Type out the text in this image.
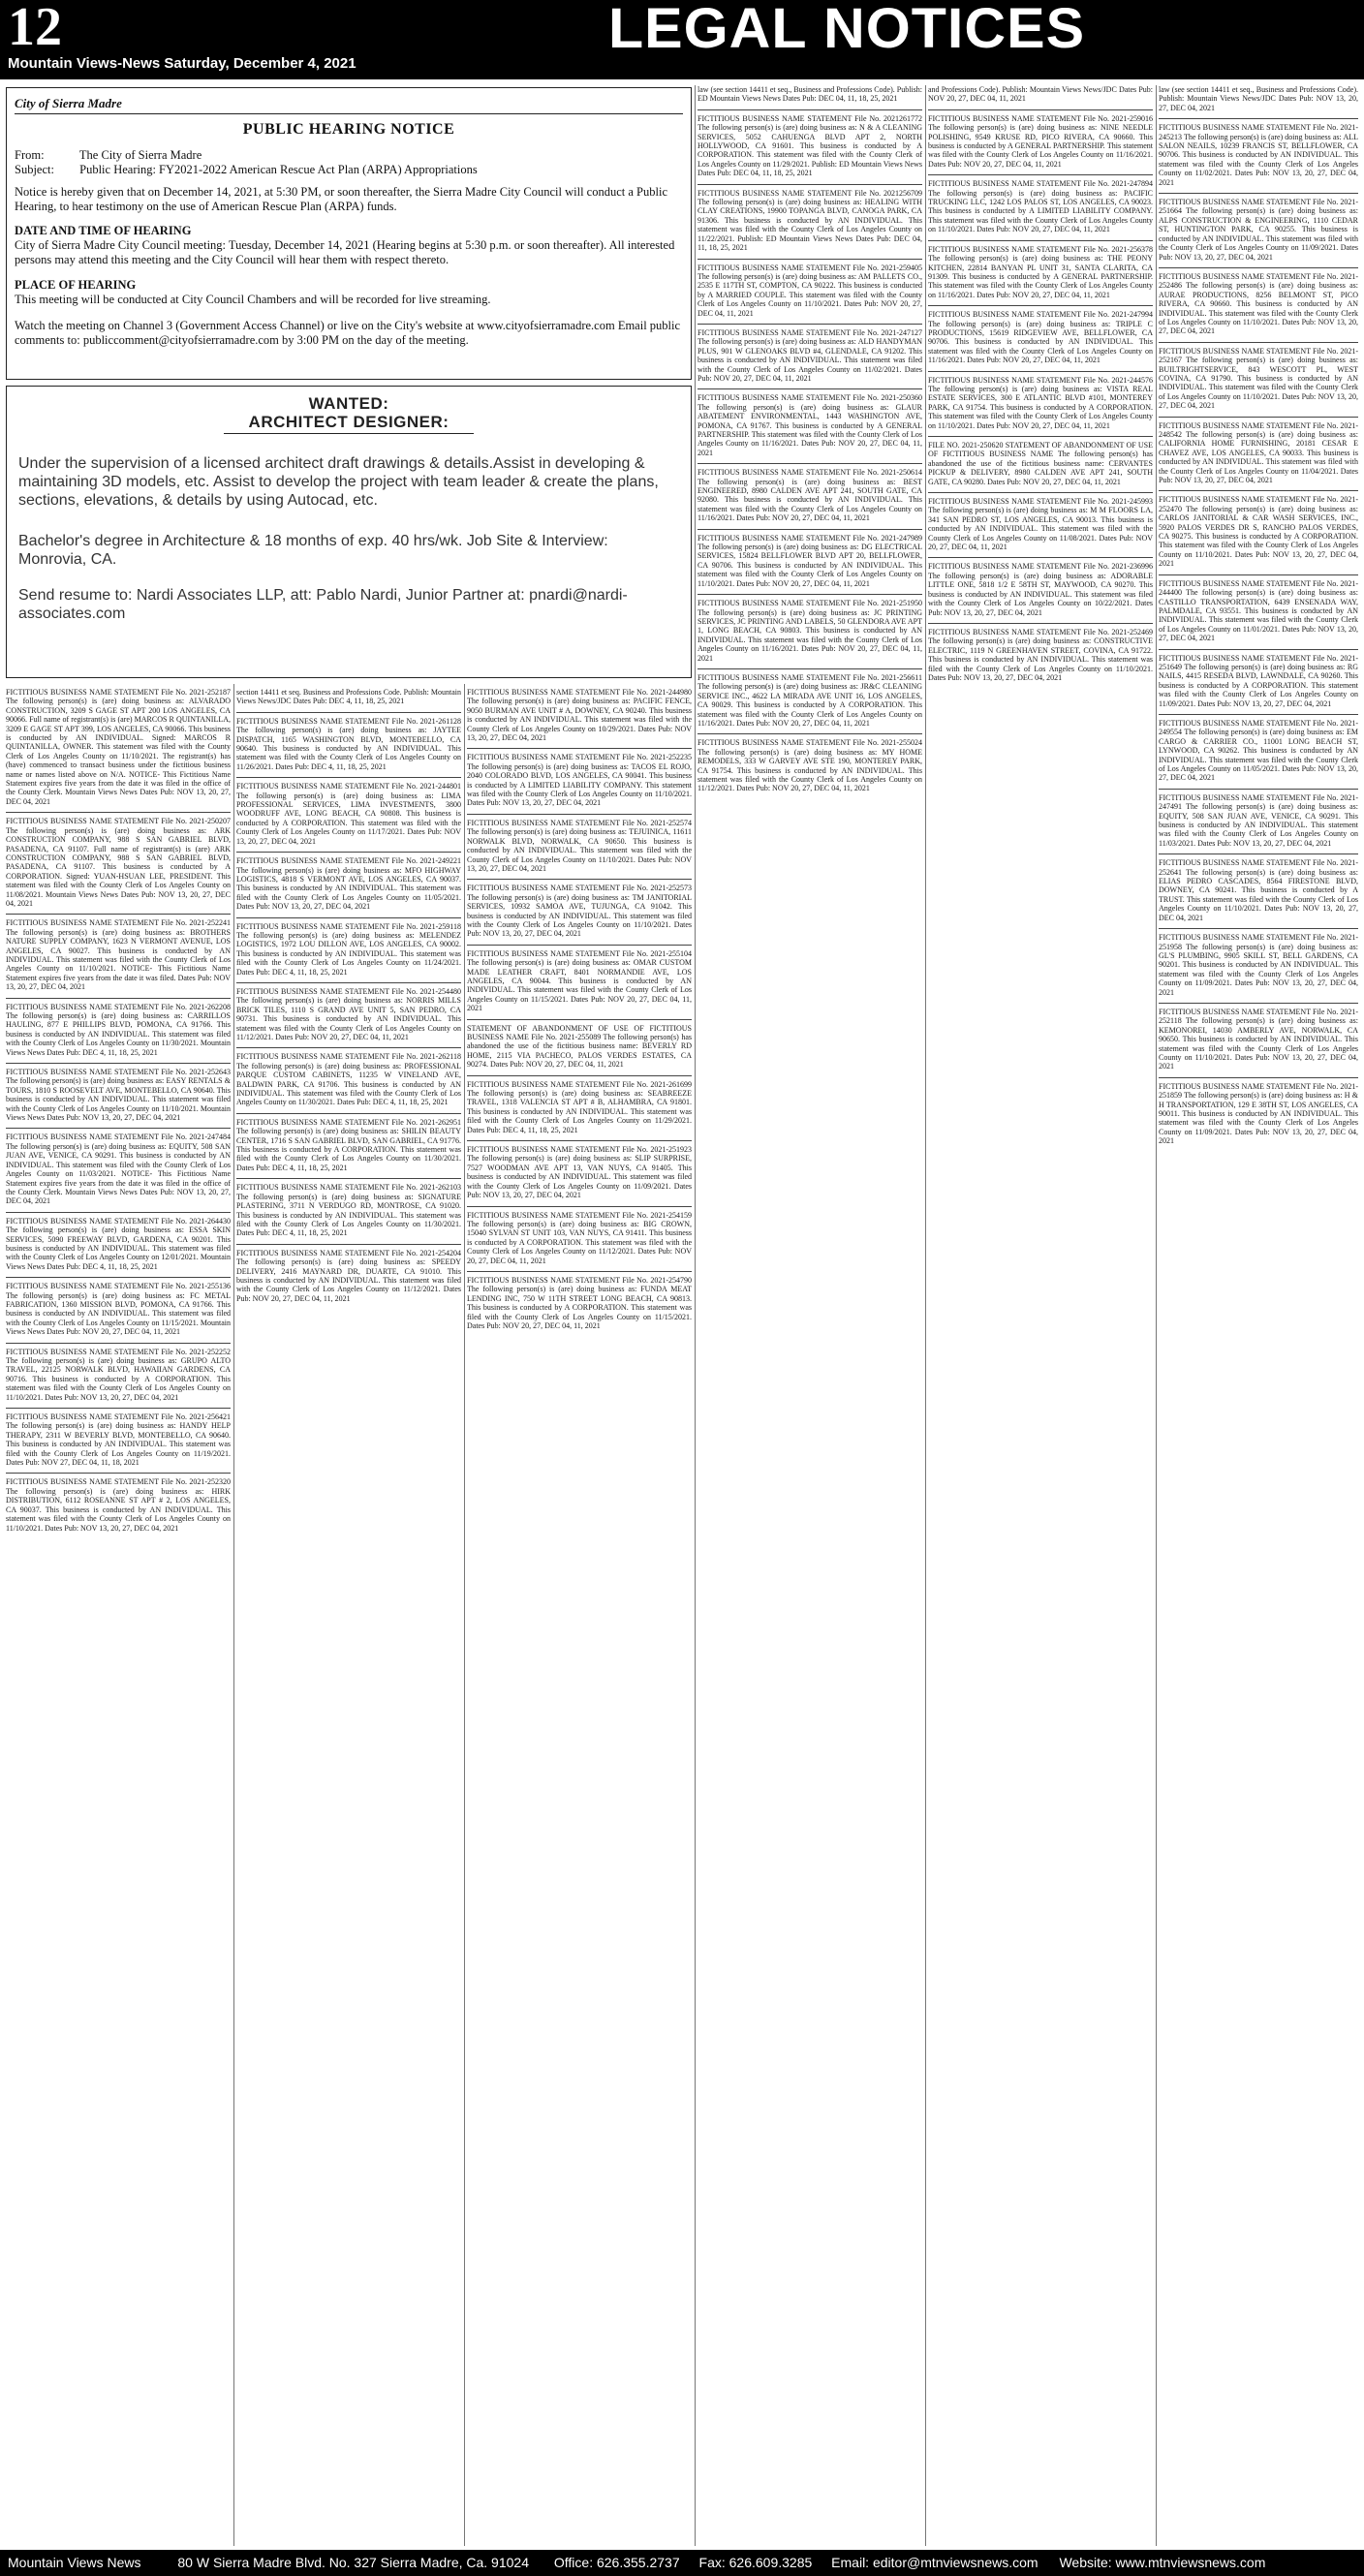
12	LEGAL NOTICES
Mountain Views-News Saturday, December 4, 2021
City of Sierra Madre
PUBLIC HEARING NOTICE
From:	The City of Sierra Madre
Subject: Public Hearing: FY2021-2022 American Rescue Act Plan (ARPA) Appropriations
Notice is hereby given that on December 14, 2021, at 5:30 PM, or soon thereafter, the Sierra Madre City Council will conduct a Public Hearing, to hear testimony on the use of American Rescue Plan (ARPA) funds.
DATE AND TIME OF HEARING
City of Sierra Madre City Council meeting: Tuesday, December 14, 2021 (Hearing begins at 5:30 p.m. or soon thereafter). All interested persons may attend this meeting and the City Council will hear them with respect thereto.
PLACE OF HEARING
This meeting will be conducted at City Council Chambers and will be recorded for live streaming.
Watch the meeting on Channel 3 (Government Access Channel) or live on the City's website at www.cityofsierramadre.com Email public comments to: publiccomment@cityofsierramadre.com by 3:00 PM on the day of the meeting.
WANTED:
ARCHITECT DESIGNER:
Under the supervision of a licensed architect draft drawings & details.Assist in developing & maintaining 3D models, etc. Assist to develop the project with team leader & create the plans, sections, elevations, & details by using Autocad, etc.
Bachelor's degree in Architecture & 18 months of exp. 40 hrs/wk. Job Site & Interview: Monrovia, CA.
Send resume to: Nardi Associates LLP, att: Pablo Nardi, Junior Partner at: pnardi@nardi-associates.com
FICTITIOUS BUSINESS NAME STATEMENT File No. 2021-252187 The following person(s) is (are) doing business as: ALVARADO CONSTRUCTION, 3209 S GAGE ST APT 200 LOS ANGELES, CA 90066. Full name of registrant(s) is (are) MARCOS R QUINTANILLA, 3209 E GAGE ST APT 399, LOS ANGELES, CA 90066. This business is conducted by AN INDIVIDUAL. Signed: MARCOS R QUINTANILLA, OWNER. This statement was filed with the County Clerk of Los Angeles County on 11/10/2021. The registrant(s) has (have) commenced to transact business under the fictitious business name or names listed above on N/A. NOTICE- This Fictitious Name Statement expires five years from the date it was filed in the office of the County Clerk. Mountain Views News Dates Pub: NOV 13, 20, 27, DEC 04, 2021
FICTITIOUS BUSINESS NAME STATEMENT File No. 2021-250207 The following person(s) is (are) doing business as: ARK CONSTRUCTION COMPANY, 988 S SAN GABRIEL BLVD, PASADENA, CA 91107. Full name of registrant(s) is (are) ARK CONSTRUCTION COMPANY, 988 S SAN GABRIEL BLVD, PASADENA, CA 91107. This business is conducted by A CORPORATION. Signed: YUAN-HSUAN LEE, PRESIDENT. This statement was filed with the County Clerk of Los Angeles County on 11/08/2021. Mountain Views News Dates Pub: NOV 13, 20, 27, DEC 04, 2021
FICTITIOUS BUSINESS NAME STATEMENT File No. 2021-252241 The following person(s) is (are) doing business as: BROTHERS NATURE SUPPLY COMPANY, 1623 N VERMONT AVENUE, LOS ANGELES, CA 90027. This business is conducted by AN INDIVIDUAL. This statement was filed with the County Clerk of Los Angeles County on 11/10/2021. NOTICE- This Fictitious Name Statement expires five years from the date it was filed. Dates Pub: NOV 13, 20, 27, DEC 04, 2021
FICTITIOUS BUSINESS NAME STATEMENT File No. 2021-262208 The following person(s) is (are) doing business as: CARRILLOS HAULING, 877 E PHILLIPS BLVD, POMONA, CA 91766. This business is conducted by AN INDIVIDUAL. This statement was filed with the County Clerk of Los Angeles County on 11/30/2021. Mountain Views News Dates Pub: DEC 4, 11, 18, 25, 2021
FICTITIOUS BUSINESS NAME STATEMENT File No. 2021-252643 The following person(s) is (are) doing business as: EASY RENTALS & TOURS, 1810 S ROOSEVELT AVE, MONTEBELLO, CA 90640. This business is conducted by AN INDIVIDUAL. This statement was filed with the County Clerk of Los Angeles County on 11/10/2021. Mountain Views News Dates Pub: NOV 13, 20, 27, DEC 04, 2021
FICTITIOUS BUSINESS NAME STATEMENT File No. 2021-247484 The following person(s) is (are) doing business as: EQUITY, 508 SAN JUAN AVE, VENICE, CA 90291. This business is conducted by AN INDIVIDUAL. This statement was filed with the County Clerk of Los Angeles County on 11/03/2021. NOTICE- This Fictitious Name Statement expires five years from the date it was filed in the office of the County Clerk. Mountain Views News Dates Pub: NOV 13, 20, 27, DEC 04, 2021
FICTITIOUS BUSINESS NAME STATEMENT File No. 2021-264430 The following person(s) is (are) doing business as: ESSA SKIN SERVICES, 5090 FREEWAY BLVD, GARDENA, CA 90201. This business is conducted by AN INDIVIDUAL. This statement was filed with the County Clerk of Los Angeles County on 12/01/2021. Mountain Views News Dates Pub: DEC 4, 11, 18, 25, 2021
FICTITIOUS BUSINESS NAME STATEMENT File No. 2021-255136 The following person(s) is (are) doing business as: FC METAL FABRICATION, 1360 MISSION BLVD, POMONA, CA 91766. This business is conducted by AN INDIVIDUAL. This statement was filed with the County Clerk of Los Angeles County on 11/15/2021. Mountain Views News Dates Pub: NOV 20, 27, DEC 04, 11, 2021
FICTITIOUS BUSINESS NAME STATEMENT File No. 2021-252252 The following person(s) is (are) doing business as: GRUPO ALTO TRAVEL, 22125 NORWALK BLVD, HAWAIIAN GARDENS, CA 90716. This business is conducted by A CORPORATION. This statement was filed with the County Clerk of Los Angeles County on 11/10/2021. Dates Pub: NOV 13, 20, 27, DEC 04, 2021
FICTITIOUS BUSINESS NAME STATEMENT File No. 2021-256421 The following person(s) is (are) doing business as: HANDY HELP THERAPY, 2311 W BEVERLY BLVD, MONTEBELLO, CA 90640. This business is conducted by AN INDIVIDUAL. This statement was filed with the County Clerk of Los Angeles County on 11/19/2021. Dates Pub: NOV 27, DEC 04, 11, 18, 2021
FICTITIOUS BUSINESS NAME STATEMENT File No. 2021-252320 The following person(s) is (are) doing business as: HIRK DISTRIBUTION, 6112 ROSEANNE ST APT # 2, LOS ANGELES, CA 90037. This business is conducted by AN INDIVIDUAL. This statement was filed with the County Clerk of Los Angeles County on 11/10/2021. Dates Pub: NOV 13, 20, 27, DEC 04, 2021
section 14411 et seq. Business and Professions Code. Publish: Mountain Views News/JDC Dates Pub: DEC 4, 11, 18, 25, 2021
FICTITIOUS BUSINESS NAME STATEMENT File No. 2021-261128 The following person(s) is (are) doing business as: JAYTEE DISPATCH, 1165 WASHINGTON BLVD, MONTEBELLO, CA 90640. This business is conducted by AN INDIVIDUAL. This statement was filed with the County Clerk of Los Angeles County on 11/26/2021. Dates Pub: DEC 4, 11, 18, 25, 2021
FICTITIOUS BUSINESS NAME STATEMENT File No. 2021-244801 The following person(s) is (are) doing business as: LIMA PROFESSIONAL SERVICES, LIMA INVESTMENTS, 3800 WOODRUFF AVE, LONG BEACH, CA 90808. This business is conducted by A CORPORATION. This statement was filed with the County Clerk of Los Angeles County on 11/17/2021. Dates Pub: NOV 13, 20, 27, DEC 04, 2021
FICTITIOUS BUSINESS NAME STATEMENT File No. 2021-249221 The following person(s) is (are) doing business as: MFO HIGHWAY LOGISTICS, 4818 S VERMONT AVE, LOS ANGELES, CA 90037. This business is conducted by AN INDIVIDUAL. This statement was filed with the County Clerk of Los Angeles County on 11/05/2021. Dates Pub: NOV 13, 20, 27, DEC 04, 2021
FICTITIOUS BUSINESS NAME STATEMENT File No. 2021-259118 The following person(s) is (are) doing business as: MELENDEZ LOGISTICS, 1972 LOU DILLON AVE, LOS ANGELES, CA 90002. This business is conducted by AN INDIVIDUAL. This statement was filed with the County Clerk of Los Angeles County on 11/24/2021. Dates Pub: DEC 4, 11, 18, 25, 2021
FICTITIOUS BUSINESS NAME STATEMENT File No. 2021-254480 The following person(s) is (are) doing business as: NORRIS MILLS BRICK TILES, 1110 S GRAND AVE UNIT 5, SAN PEDRO, CA 90731. This business is conducted by AN INDIVIDUAL. This statement was filed with the County Clerk of Los Angeles County on 11/12/2021. Dates Pub: NOV 20, 27, DEC 04, 11, 2021
FICTITIOUS BUSINESS NAME STATEMENT File No. 2021-262118 The following person(s) is (are) doing business as: PROFESSIONAL PARQUE CUSTOM CABINETS, 11235 W VINELAND AVE, BALDWIN PARK, CA 91706. This business is conducted by AN INDIVIDUAL. This statement was filed with the County Clerk of Los Angeles County on 11/30/2021. Dates Pub: DEC 4, 11, 18, 25, 2021
FICTITIOUS BUSINESS NAME STATEMENT File No. 2021-262951 The following person(s) is (are) doing business as: SHILIN BEAUTY CENTER, 1716 S SAN GABRIEL BLVD, SAN GABRIEL, CA 91776. This business is conducted by A CORPORATION. This statement was filed with the County Clerk of Los Angeles County on 11/30/2021. Dates Pub: DEC 4, 11, 18, 25, 2021
FICTITIOUS BUSINESS NAME STATEMENT File No. 2021-262103 The following person(s) is (are) doing business as: SIGNATURE PLASTERING, 3711 N VERDUGO RD, MONTROSE, CA 91020. This business is conducted by AN INDIVIDUAL. This statement was filed with the County Clerk of Los Angeles County on 11/30/2021. Dates Pub: DEC 4, 11, 18, 25, 2021
FICTITIOUS BUSINESS NAME STATEMENT File No. 2021-254204 The following person(s) is (are) doing business as: SPEEDY DELIVERY, 2416 MAYNARD DR, DUARTE, CA 91010. This business is conducted by AN INDIVIDUAL. This statement was filed with the County Clerk of Los Angeles County on 11/12/2021. Dates Pub: NOV 20, 27, DEC 04, 11, 2021
FICTITIOUS BUSINESS NAME STATEMENT File No. 2021-244980 The following person(s) is (are) doing business as: PACIFIC FENCE, 9050 BURMAN AVE UNIT # A, DOWNEY, CA 90240. This business is conducted by AN INDIVIDUAL. This statement was filed with the County Clerk of Los Angeles County on 10/29/2021. Dates Pub: NOV 13, 20, 27, DEC 04, 2021
FICTITIOUS BUSINESS NAME STATEMENT File No. 2021-252235 The following person(s) is (are) doing business as: TACOS EL ROJO, 2040 COLORADO BLVD, LOS ANGELES, CA 90041. This business is conducted by A LIMITED LIABILITY COMPANY. This statement was filed with the County Clerk of Los Angeles County on 11/10/2021. Dates Pub: NOV 13, 20, 27, DEC 04, 2021
FICTITIOUS BUSINESS NAME STATEMENT File No. 2021-252574 The following person(s) is (are) doing business as: TEJUINICA, 11611 NORWALK BLVD, NORWALK, CA 90650. This business is conducted by AN INDIVIDUAL. This statement was filed with the County Clerk of Los Angeles County on 11/10/2021. Dates Pub: NOV 13, 20, 27, DEC 04, 2021
FICTITIOUS BUSINESS NAME STATEMENT File No. 2021-252573 The following person(s) is (are) doing business as: TM JANITORIAL SERVICES, 10932 SAMOA AVE, TUJUNGA, CA 91042. This business is conducted by AN INDIVIDUAL. This statement was filed with the County Clerk of Los Angeles County on 11/10/2021. Dates Pub: NOV 13, 20, 27, DEC 04, 2021
FICTITIOUS BUSINESS NAME STATEMENT File No. 2021-255104 The following person(s) is (are) doing business as: OMAR CUSTOM MADE LEATHER CRAFT, 8401 NORMANDIE AVE, LOS ANGELES, CA 90044. This business is conducted by AN INDIVIDUAL. This statement was filed with the County Clerk of Los Angeles County on 11/15/2021. Dates Pub: NOV 20, 27, DEC 04, 11, 2021
STATEMENT OF ABANDONMENT OF USE OF FICTITIOUS BUSINESS NAME File No. 2021-255089 The following person(s) has abandoned the use of the fictitious business name: BEVERLY RD HOME, 2115 VIA PACHECO, PALOS VERDES ESTATES, CA 90274. Dates Pub: NOV 20, 27, DEC 04, 11, 2021
FICTITIOUS BUSINESS NAME STATEMENT File No. 2021-261699 The following person(s) is (are) doing business as: SEABREEZE TRAVEL, 1318 VALENCIA ST APT # B, ALHAMBRA, CA 91801. This business is conducted by AN INDIVIDUAL. This statement was filed with the County Clerk of Los Angeles County on 11/29/2021. Dates Pub: DEC 4, 11, 18, 25, 2021
FICTITIOUS BUSINESS NAME STATEMENT File No. 2021-251923 The following person(s) is (are) doing business as: SLIP SURPRISE, 7527 WOODMAN AVE APT 13, VAN NUYS, CA 91405. This business is conducted by AN INDIVIDUAL. This statement was filed with the County Clerk of Los Angeles County on 11/09/2021. Dates Pub: NOV 13, 20, 27, DEC 04, 2021
FICTITIOUS BUSINESS NAME STATEMENT File No. 2021-254159 The following person(s) is (are) doing business as: BIG CROWN, 15040 SYLVAN ST UNIT 103, VAN NUYS, CA 91411. This business is conducted by A CORPORATION. This statement was filed with the County Clerk of Los Angeles County on 11/12/2021. Dates Pub: NOV 20, 27, DEC 04, 11, 2021
FICTITIOUS BUSINESS NAME STATEMENT File No. 2021-254790 The following person(s) is (are) doing business as: FUNDA MEAT LENDING INC, 750 W 11TH STREET LONG BEACH, CA 90813. This business is conducted by A CORPORATION. This statement was filed with the County Clerk of Los Angeles County on 11/15/2021. Dates Pub: NOV 20, 27, DEC 04, 11, 2021
law (see section 14411 et seq., Business and Professions Code). Publish: ED Mountain Views News Dates Pub: DEC 04, 11, 18, 25, 2021
FICTITIOUS BUSINESS NAME STATEMENT File No. 2021261772 The following person(s) is (are) doing business as: N & A CLEANING SERVICES, 5052 CAHUENGA BLVD APT 2, NORTH HOLLYWOOD, CA 91601. This business is conducted by A CORPORATION. This statement was filed with the County Clerk of Los Angeles County on 11/29/2021. Publish: ED Mountain Views News Dates Pub: DEC 04, 11, 18, 25, 2021
FICTITIOUS BUSINESS NAME STATEMENT File No. 2021256709 The following person(s) is (are) doing business as: HEALING WITH CLAY CREATIONS, 19900 TOPANGA BLVD, CANOGA PARK, CA 91306. This business is conducted by AN INDIVIDUAL. This statement was filed with the County Clerk of Los Angeles County on 11/22/2021. Publish: ED Mountain Views News Dates Pub: DEC 04, 11, 18, 25, 2021
FICTITIOUS BUSINESS NAME STATEMENT File No. 2021-259405 The following person(s) is (are) doing business as: AM PALLETS CO., 2535 E 117TH ST, COMPTON, CA 90222. This business is conducted by A MARRIED COUPLE. This statement was filed with the County Clerk of Los Angeles County on 11/10/2021. Dates Pub: NOV 20, 27, DEC 04, 11, 2021
FICTITIOUS BUSINESS NAME STATEMENT File No. 2021-247127 The following person(s) is (are) doing business as: ALD HANDYMAN PLUS, 901 W GLENOAKS BLVD #4, GLENDALE, CA 91202. This business is conducted by AN INDIVIDUAL. This statement was filed with the County Clerk of Los Angeles County on 11/02/2021. Dates Pub: NOV 20, 27, DEC 04, 11, 2021
FICTITIOUS BUSINESS NAME STATEMENT File No. 2021-250360 The following person(s) is (are) doing business as: GLAUR ABATEMENT ENVIRONMENTAL, 1443 WASHINGTON AVE, POMONA, CA 91767. This business is conducted by A GENERAL PARTNERSHIP. This statement was filed with the County Clerk of Los Angeles County on 11/16/2021. Dates Pub: NOV 20, 27, DEC 04, 11, 2021
FICTITIOUS BUSINESS NAME STATEMENT File No. 2021-250614 The following person(s) is (are) doing business as: BEST ENGINEERED, 8980 CALDEN AVE APT 241, SOUTH GATE, CA 92080. This business is conducted by AN INDIVIDUAL. This statement was filed with the County Clerk of Los Angeles County on 11/16/2021. Dates Pub: NOV 20, 27, DEC 04, 11, 2021
FICTITIOUS BUSINESS NAME STATEMENT File No. 2021-247989 The following person(s) is (are) doing business as: DG ELECTRICAL SERVICES, 15824 BELLFLOWER BLVD APT 20, BELLFLOWER, CA 90706. This business is conducted by AN INDIVIDUAL. This statement was filed with the County Clerk of Los Angeles County on 11/10/2021. Dates Pub: NOV 20, 27, DEC 04, 11, 2021
FICTITIOUS BUSINESS NAME STATEMENT File No. 2021-251950 The following person(s) is (are) doing business as: JC PRINTING SERVICES, JC PRINTING AND LABELS, 50 GLENDORA AVE APT 1, LONG BEACH, CA 90803. This business is conducted by AN INDIVIDUAL. This statement was filed with the County Clerk of Los Angeles County on 11/16/2021. Dates Pub: NOV 20, 27, DEC 04, 11, 2021
FICTITIOUS BUSINESS NAME STATEMENT File No. 2021-256611 The following person(s) is (are) doing business as: JR&C CLEANING SERVICE INC., 4622 LA MIRADA AVE UNIT 16, LOS ANGELES, CA 90029. This business is conducted by A CORPORATION. This statement was filed with the County Clerk of Los Angeles County on 11/16/2021. Dates Pub: NOV 20, 27, DEC 04, 11, 2021
FICTITIOUS BUSINESS NAME STATEMENT File No. 2021-255024 The following person(s) is (are) doing business as: MY HOME REMODELS, 333 W GARVEY AVE STE 190, MONTEREY PARK, CA 91754. This business is conducted by AN INDIVIDUAL. This statement was filed with the County Clerk of Los Angeles County on 11/12/2021. Dates Pub: NOV 20, 27, DEC 04, 11, 2021
and Professions Code). Publish: Mountain Views News/JDC Dates Pub: NOV 20, 27, DEC 04, 11, 2021
FICTITIOUS BUSINESS NAME STATEMENT File No. 2021-259016 The following person(s) is (are) doing business as: NINE NEEDLE POLISHING, 9549 KRUSE RD, PICO RIVERA, CA 90660. This business is conducted by A GENERAL PARTNERSHIP. This statement was filed with the County Clerk of Los Angeles County on 11/16/2021. Dates Pub: NOV 20, 27, DEC 04, 11, 2021
FICTITIOUS BUSINESS NAME STATEMENT File No. 2021-247894 The following person(s) is (are) doing business as: PACIFIC TRUCKING LLC, 1242 LOS PALOS ST, LOS ANGELES, CA 90023. This business is conducted by A LIMITED LIABILITY COMPANY. This statement was filed with the County Clerk of Los Angeles County on 11/10/2021. Dates Pub: NOV 20, 27, DEC 04, 11, 2021
FICTITIOUS BUSINESS NAME STATEMENT File No. 2021-256378 The following person(s) is (are) doing business as: THE PEONY KITCHEN, 22814 BANYAN PL UNIT 31, SANTA CLARITA, CA 91309. This business is conducted by A GENERAL PARTNERSHIP. This statement was filed with the County Clerk of Los Angeles County on 11/16/2021. Dates Pub: NOV 20, 27, DEC 04, 11, 2021
FICTITIOUS BUSINESS NAME STATEMENT File No. 2021-247994 The following person(s) is (are) doing business as: TRIPLE C PRODUCTIONS, 15619 RIDGEVIEW AVE, BELLFLOWER, CA 90706. This business is conducted by AN INDIVIDUAL. This statement was filed with the County Clerk of Los Angeles County on 11/16/2021. Dates Pub: NOV 20, 27, DEC 04, 11, 2021
FICTITIOUS BUSINESS NAME STATEMENT File No. 2021-244576 The following person(s) is (are) doing business as: VISTA REAL ESTATE SERVICES, 300 E ATLANTIC BLVD #101, MONTEREY PARK, CA 91754. This business is conducted by A CORPORATION. This statement was filed with the County Clerk of Los Angeles County on 11/10/2021. Dates Pub: NOV 20, 27, DEC 04, 11, 2021
FILE NO. 2021-250620 STATEMENT OF ABANDONMENT OF USE OF FICTITIOUS BUSINESS NAME The following person(s) has abandoned the use of the fictitious business name: CERVANTES PICKUP & DELIVERY, 8980 CALDEN AVE APT 241, SOUTH GATE, CA 90280. Dates Pub: NOV 20, 27, DEC 04, 11, 2021
FICTITIOUS BUSINESS NAME STATEMENT File No. 2021-245993 The following person(s) is (are) doing business as: M M FLOORS LA, 341 SAN PEDRO ST, LOS ANGELES, CA 90013. This business is conducted by AN INDIVIDUAL. This statement was filed with the County Clerk of Los Angeles County on 11/08/2021. Dates Pub: NOV 20, 27, DEC 04, 11, 2021
FICTITIOUS BUSINESS NAME STATEMENT File No. 2021-236996 The following person(s) is (are) doing business as: ADORABLE LITTLE ONE, 5818 1/2 E 58TH ST, MAYWOOD, CA 90270. This business is conducted by AN INDIVIDUAL. This statement was filed with the County Clerk of Los Angeles County on 10/22/2021. Dates Pub: NOV 13, 20, 27, DEC 04, 2021
FICTITIOUS BUSINESS NAME STATEMENT File No. 2021-252469 The following person(s) is (are) doing business as: CONSTRUCTIVE ELECTRIC, 1119 N GREENHAVEN STREET, COVINA, CA 91722. This business is conducted by AN INDIVIDUAL. This statement was filed with the County Clerk of Los Angeles County on 11/10/2021. Dates Pub: NOV 13, 20, 27, DEC 04, 2021
law (see section 14411 et seq., Business and Professions Code). Publish: Mountain Views News/JDC Dates Pub: NOV 13, 20, 27, DEC 04, 2021
FICTITIOUS BUSINESS NAME STATEMENT File No. 2021-245213 The following person(s) is (are) doing business as: ALL SALON NEAILS, 10239 FRANCIS ST, BELLFLOWER, CA 90706. This business is conducted by AN INDIVIDUAL. This statement was filed with the County Clerk of Los Angeles County on 11/02/2021. Dates Pub: NOV 13, 20, 27, DEC 04, 2021
FICTITIOUS BUSINESS NAME STATEMENT File No. 2021-251664 The following person(s) is (are) doing business as: ALPS CONSTRUCTION & ENGINEERING, 1110 CEDAR ST, HUNTINGTON PARK, CA 90255. This business is conducted by AN INDIVIDUAL. This statement was filed with the County Clerk of Los Angeles County on 11/09/2021. Dates Pub: NOV 13, 20, 27, DEC 04, 2021
FICTITIOUS BUSINESS NAME STATEMENT File No. 2021-252486 The following person(s) is (are) doing business as: AURAE PRODUCTIONS, 8256 BELMONT ST, PICO RIVERA, CA 90660. This business is conducted by AN INDIVIDUAL. This statement was filed with the County Clerk of Los Angeles County on 11/10/2021. Dates Pub: NOV 13, 20, 27, DEC 04, 2021
FICTITIOUS BUSINESS NAME STATEMENT File No. 2021-252167 The following person(s) is (are) doing business as: BUILTRIGHTSERVICE, 843 WESCOTT PL, WEST COVINA, CA 91790. This business is conducted by AN INDIVIDUAL. This statement was filed with the County Clerk of Los Angeles County on 11/10/2021. Dates Pub: NOV 13, 20, 27, DEC 04, 2021
FICTITIOUS BUSINESS NAME STATEMENT File No. 2021-248542 The following person(s) is (are) doing business as: CALIFORNIA HOME FURNISHING, 20181 CESAR E CHAVEZ AVE, LOS ANGELES, CA 90033. This business is conducted by AN INDIVIDUAL. This statement was filed with the County Clerk of Los Angeles County on 11/04/2021. Dates Pub: NOV 13, 20, 27, DEC 04, 2021
FICTITIOUS BUSINESS NAME STATEMENT File No. 2021-252470 The following person(s) is (are) doing business as: CARLOS JANITORIAL & CAR WASH SERVICES, INC., 5920 PALOS VERDES DR S, RANCHO PALOS VERDES, CA 90275. This business is conducted by A CORPORATION. This statement was filed with the County Clerk of Los Angeles County on 11/10/2021. Dates Pub: NOV 13, 20, 27, DEC 04, 2021
FICTITIOUS BUSINESS NAME STATEMENT File No. 2021-244400 The following person(s) is (are) doing business as: CASTILLO TRANSPORTATION, 6439 ENSENADA WAY, PALMDALE, CA 93551. This business is conducted by AN INDIVIDUAL. This statement was filed with the County Clerk of Los Angeles County on 11/01/2021. Dates Pub: NOV 13, 20, 27, DEC 04, 2021
FICTITIOUS BUSINESS NAME STATEMENT File No. 2021-251649 The following person(s) is (are) doing business as: RG NAILS, 4415 RESEDA BLVD, LAWNDALE, CA 90260. This business is conducted by A CORPORATION. This statement was filed with the County Clerk of Los Angeles County on 11/09/2021. Dates Pub: NOV 13, 20, 27, DEC 04, 2021
FICTITIOUS BUSINESS NAME STATEMENT File No. 2021-249554 The following person(s) is (are) doing business as: EM CARGO & CARRIER CO., 11001 LONG BEACH ST, LYNWOOD, CA 90262. This business is conducted by AN INDIVIDUAL. This statement was filed with the County Clerk of Los Angeles County on 11/05/2021. Dates Pub: NOV 13, 20, 27, DEC 04, 2021
FICTITIOUS BUSINESS NAME STATEMENT File No. 2021-247491 The following person(s) is (are) doing business as: EQUITY, 508 SAN JUAN AVE, VENICE, CA 90291. This business is conducted by AN INDIVIDUAL. This statement was filed with the County Clerk of Los Angeles County on 11/03/2021. Dates Pub: NOV 13, 20, 27, DEC 04, 2021
FICTITIOUS BUSINESS NAME STATEMENT File No. 2021-252641 The following person(s) is (are) doing business as: ELIAS PEDRO CASCADES, 8564 FIRESTONE BLVD, DOWNEY, CA 90241. This business is conducted by A TRUST. This statement was filed with the County Clerk of Los Angeles County on 11/10/2021. Dates Pub: NOV 13, 20, 27, DEC 04, 2021
FICTITIOUS BUSINESS NAME STATEMENT File No. 2021-251958 The following person(s) is (are) doing business as: GL'S PLUMBING, 9905 SKILL ST, BELL GARDENS, CA 90201. This business is conducted by AN INDIVIDUAL. This statement was filed with the County Clerk of Los Angeles County on 11/09/2021. Dates Pub: NOV 13, 20, 27, DEC 04, 2021
FICTITIOUS BUSINESS NAME STATEMENT File No. 2021-252118 The following person(s) is (are) doing business as: KEMONOREI, 14030 AMBERLY AVE, NORWALK, CA 90650. This business is conducted by AN INDIVIDUAL. This statement was filed with the County Clerk of Los Angeles County on 11/10/2021. Dates Pub: NOV 13, 20, 27, DEC 04, 2021
FICTITIOUS BUSINESS NAME STATEMENT File No. 2021-251859 The following person(s) is (are) doing business as: H & H TRANSPORTATION, 129 E 38TH ST, LOS ANGELES, CA 90011. This business is conducted by AN INDIVIDUAL. This statement was filed with the County Clerk of Los Angeles County on 11/09/2021. Dates Pub: NOV 13, 20, 27, DEC 04, 2021
Mountain Views News	80 W Sierra Madre Blvd. No. 327 Sierra Madre, Ca. 91024 Office: 626.355.2737 Fax: 626.609.3285 Email: editor@mtnviewsnews.com Website: www.mtnviewsnews.com
